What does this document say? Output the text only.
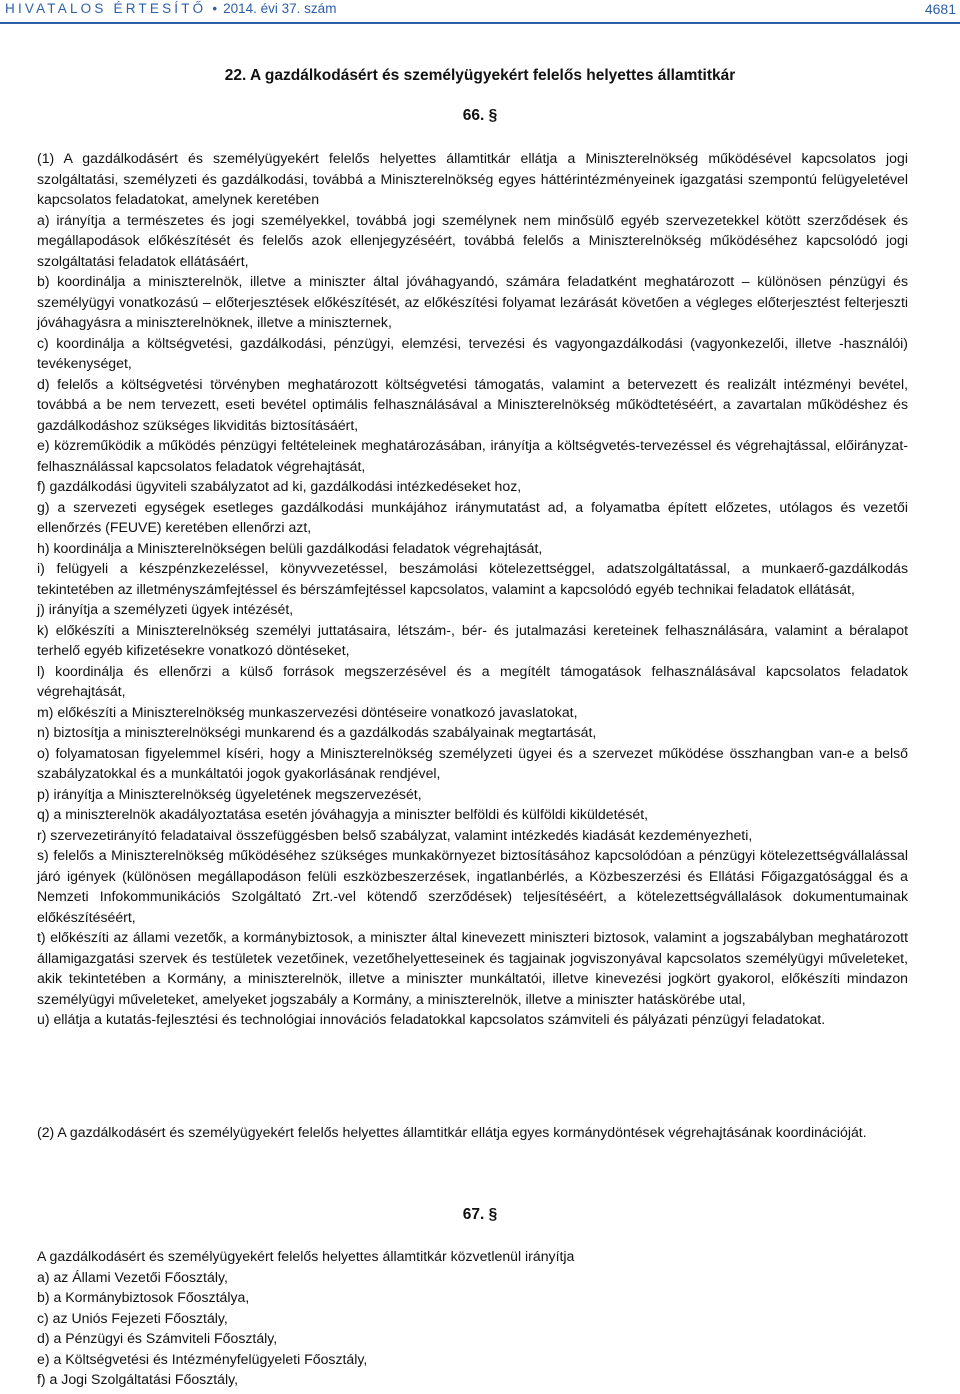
HIVATALOS ÉRTESÍTŐ • 2014. évi 37. szám	4681
22. A gazdálkodásért és személyügyekért felelős helyettes államtitkár
66. §

(1) A gazdálkodásért és személyügyekért felelős helyettes államtitkár ellátja a Miniszterelnökség működésével kapcsolatos jogi szolgáltatási, személyzeti és gazdálkodási, továbbá a Miniszterelnökség egyes háttérintézményeinek igazgatási szempontú felügyeletével kapcsolatos feladatokat, amelynek keretében

a) irányítja a természetes és jogi személyekkel, továbbá jogi személynek nem minősülő egyéb szervezetekkel kötött szerződések és megállapodások előkészítését és felelős azok ellenjegyzéséért, továbbá felelős a Miniszterelnökség működéséhez kapcsolódó jogi szolgáltatási feladatok ellátásáért,

b) koordinálja a miniszterelnök, illetve a miniszter által jóváhagyandó, számára feladatként meghatározott – különösen pénzügyi és személyügyi vonatkozású – előterjesztések előkészítését, az előkészítési folyamat lezárását követően a végleges előterjesztést felterjeszti jóváhagyásra a miniszterelnöknek, illetve a miniszternek,

c) koordinálja a költségvetési, gazdálkodási, pénzügyi, elemzési, tervezési és vagyongazdálkodási (vagyonkezelői, illetve -használói) tevékenységet,

d) felelős a költségvetési törvényben meghatározott költségvetési támogatás, valamint a betervezett és realizált intézményi bevétel, továbbá a be nem tervezett, eseti bevétel optimális felhasználásával a Miniszterelnökség működtetéséért, a zavartalan működéshez és gazdálkodáshoz szükséges likviditás biztosításáért,

e) közreműködik a működés pénzügyi feltételeinek meghatározásában, irányítja a költségvetés-tervezéssel és végrehajtással, előirányzat-felhasználással kapcsolatos feladatok végrehajtását,

f) gazdálkodási ügyviteli szabályzatot ad ki, gazdálkodási intézkedéseket hoz,

g) a szervezeti egységek esetleges gazdálkodási munkájához iránymutatást ad, a folyamatba épített előzetes, utólagos és vezetői ellenőrzés (FEUVE) keretében ellenőrzi azt,

h) koordinálja a Miniszterelnökségen belüli gazdálkodási feladatok végrehajtását,

i) felügyeli a készpénzkezeléssel, könyvvezetéssel, beszámolási kötelezettséggel, adatszolgáltatással, a munkaerő-gazdálkodás tekintetében az illetményszámfejtéssel és bérszámfejtéssel kapcsolatos, valamint a kapcsolódó egyéb technikai feladatok ellátását,

j) irányítja a személyzeti ügyek intézését,

k) előkészíti a Miniszterelnökség személyi juttatásaira, létszám-, bér- és jutalmazási kereteinek felhasználására, valamint a béralapot terhelő egyéb kifizetésekre vonatkozó döntéseket,

l) koordinálja és ellenőrzi a külső források megszerzésével és a megítélt támogatások felhasználásával kapcsolatos feladatok végrehajtását,

m) előkészíti a Miniszterelnökség munkaszervezési döntéseire vonatkozó javaslatokat,

n) biztosítja a miniszterelnökségi munkarend és a gazdálkodás szabályainak megtartását,

o) folyamatosan figyelemmel kíséri, hogy a Miniszterelnökség személyzeti ügyei és a szervezet működése összhangban van-e a belső szabályzatokkal és a munkáltatói jogok gyakorlásának rendjével,

p) irányítja a Miniszterelnökség ügyeletének megszervezését,

q) a miniszterelnök akadályoztatása esetén jóváhagyja a miniszter belföldi és külföldi kiküldetését,

r) szervezetirányító feladataival összefüggésben belső szabályzat, valamint intézkedés kiadását kezdeményezheti,

s) felelős a Miniszterelnökség működéséhez szükséges munkakörnyezet biztosításához kapcsolódóan a pénzügyi kötelezettségvállalással járó igények (különösen megállapodáson felüli eszközbeszerzések, ingatlanbérlés, a Közbeszerzési és Ellátási Főigazgatósággal és a Nemzeti Infokommunikációs Szolgáltató Zrt.-vel kötendő szerződések) teljesítéséért, a kötelezettségvállalások dokumentumainak előkészítéséért,

t) előkészíti az állami vezetők, a kormánybiztosok, a miniszter által kinevezett miniszteri biztosok, valamint a jogszabályban meghatározott államigazgatási szervek és testületek vezetőinek, vezetőhelyetteseinek és tagjainak jogviszonyával kapcsolatos személyügyi műveleteket, akik tekintetében a Kormány, a miniszterelnök, illetve a miniszter munkáltatói, illetve kinevezési jogkört gyakorol, előkészíti mindazon személyügyi műveleteket, amelyeket jogszabály a Kormány, a miniszterelnök, illetve a miniszter hatáskörébe utal,

u) ellátja a kutatás-fejlesztési és technológiai innovációs feladatokkal kapcsolatos számviteli és pályázati pénzügyi feladatokat.

(2) A gazdálkodásért és személyügyekért felelős helyettes államtitkár ellátja egyes kormánydöntések végrehajtásának koordinációját.

67. §

A gazdálkodásért és személyügyekért felelős helyettes államtitkár közvetlenül irányítja

a) az Állami Vezetői Főosztály,

b) a Kormánybiztosok Főosztálya,

c) az Uniós Fejezeti Főosztály,

d) a Pénzügyi és Számviteli Főosztály,

e) a Költségvetési és Intézményfelügyeleti Főosztály,

f) a Jogi Szolgáltatási Főosztály,
